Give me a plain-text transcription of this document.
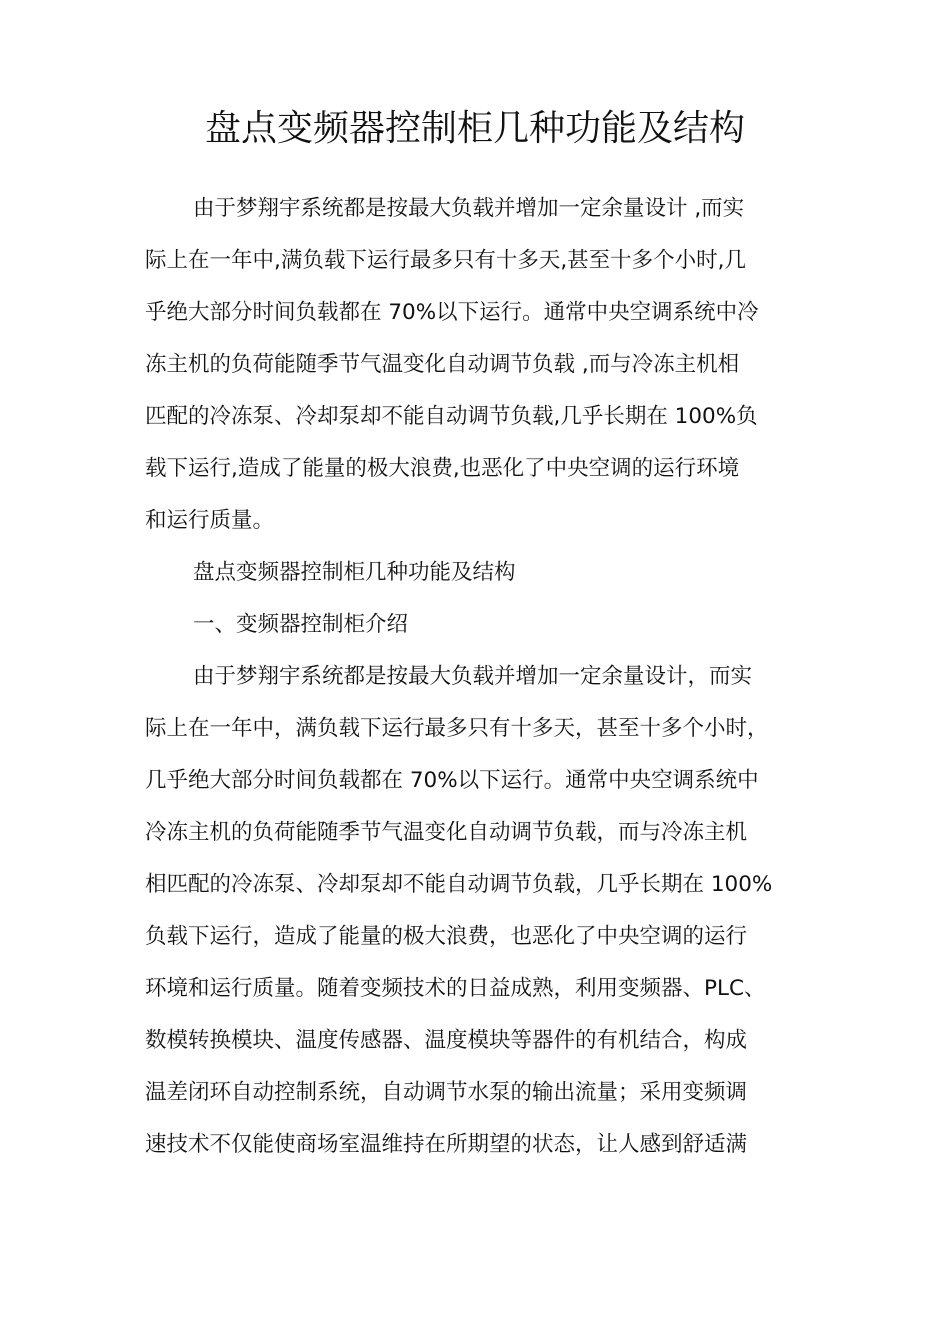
盘点变频器控制柜几种功能及结构
由于梦翔宇系统都是按最大负载并增加一定余量设计 ,而实
际上在一年中,满负载下运行最多只有十多天,甚至十多个小时,几
乎绝大部分时间负载都在 70%以下运行。通常中央空调系统中冷
冻主机的负荷能随季节气温变化自动调节负载 ,而与冷冻主机相
匹配的冷冻泵、冷却泵却不能自动调节负载,几乎长期在 100%负
载下运行,造成了能量的极大浪费,也恶化了中央空调的运行环境
和运行质量。
盘点变频器控制柜几种功能及结构
一、变频器控制柜介绍
由于梦翔宇系统都是按最大负载并增加一定余量设计，而实
际上在一年中，满负载下运行最多只有十多天，甚至十多个小时，
几乎绝大部分时间负载都在 70%以下运行。通常中央空调系统中
冷冻主机的负荷能随季节气温变化自动调节负载，而与冷冻主机
相匹配的冷冻泵、冷却泵却不能自动调节负载，几乎长期在 100%
负载下运行，造成了能量的极大浪费，也恶化了中央空调的运行
环境和运行质量。随着变频技术的日益成熟，利用变频器、PLC、
数模转换模块、温度传感器、温度模块等器件的有机结合，构成
温差闭环自动控制系统，自动调节水泵的输出流量；采用变频调
速技术不仅能使商场室温维持在所期望的状态，让人感到舒适满
